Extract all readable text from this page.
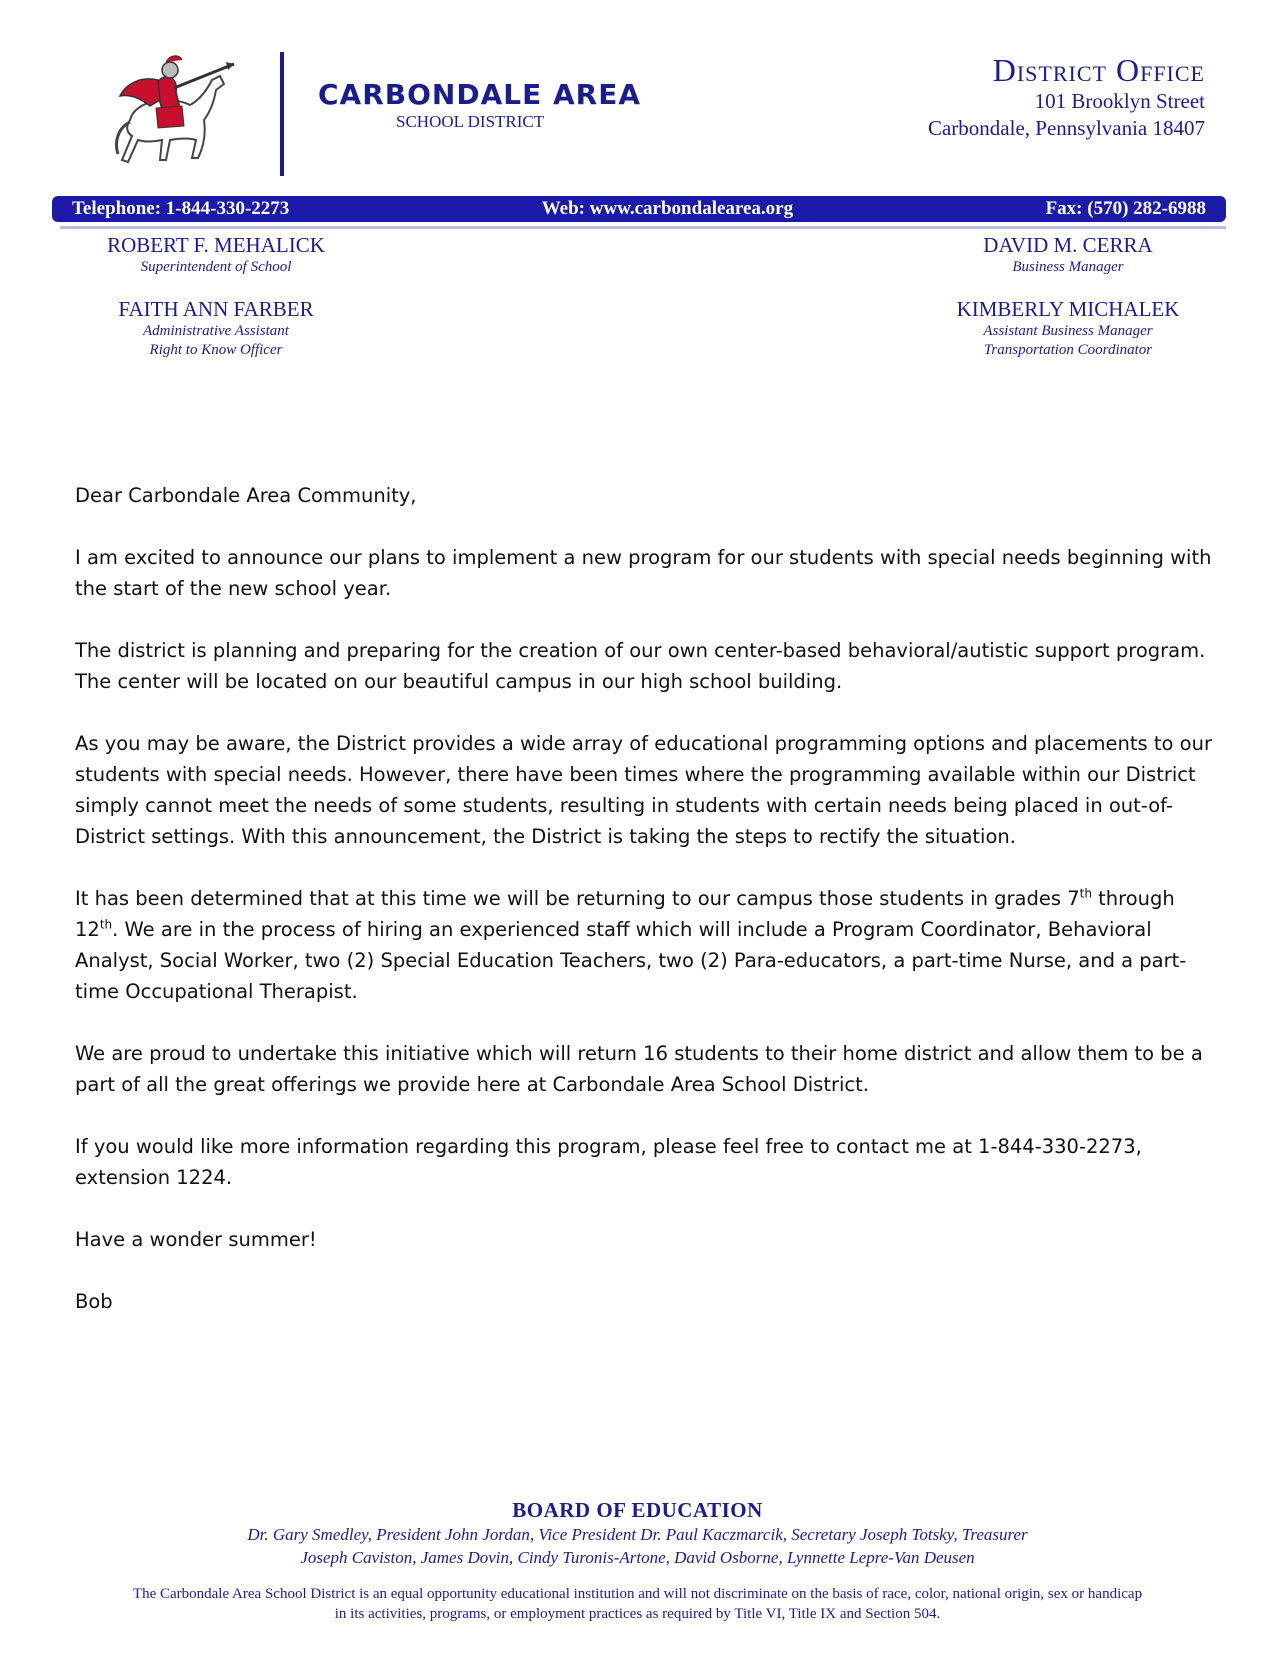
CARBONDALE AREA
SCHOOL DISTRICT
District Office
101 Brooklyn Street
Carbondale, Pennsylvania 18407
Telephone: 1-844-330-2273	Web: www.carbondalearea.org	Fax: (570) 282-6988
ROBERT F. MEHALICK
Superintendent of School
DAVID M. CERRA
Business Manager
FAITH ANN FARBER
Administrative Assistant
Right to Know Officer
KIMBERLY MICHALEK
Assistant Business Manager
Transportation Coordinator

Dear Carbondale Area Community,

I am excited to announce our plans to implement a new program for our students with special needs beginning with the start of the new school year.

The district is planning and preparing for the creation of our own center-based behavioral/autistic support program. The center will be located on our beautiful campus in our high school building.

As you may be aware, the District provides a wide array of educational programming options and placements to our students with special needs. However, there have been times where the programming available within our District simply cannot meet the needs of some students, resulting in students with certain needs being placed in out-of-District settings. With this announcement, the District is taking the steps to rectify the situation.

It has been determined that at this time we will be returning to our campus those students in grades 7th through 12th. We are in the process of hiring an experienced staff which will include a Program Coordinator, Behavioral Analyst, Social Worker, two (2) Special Education Teachers, two (2) Para-educators, a part-time Nurse, and a part-time Occupational Therapist.

We are proud to undertake this initiative which will return 16 students to their home district and allow them to be a part of all the great offerings we provide here at Carbondale Area School District.

If you would like more information regarding this program, please feel free to contact me at 1-844-330-2273, extension 1224.

Have a wonder summer!

Bob

BOARD OF EDUCATION
Dr. Gary Smedley, President John Jordan, Vice President Dr. Paul Kaczmarcik, Secretary Joseph Totsky, Treasurer
Joseph Caviston, James Dovin, Cindy Turonis-Artone, David Osborne, Lynnette Lepre-Van Deusen
The Carbondale Area School District is an equal opportunity educational institution and will not discriminate on the basis of race, color, national origin, sex or handicap
in its activities, programs, or employment practices as required by Title VI, Title IX and Section 504.
